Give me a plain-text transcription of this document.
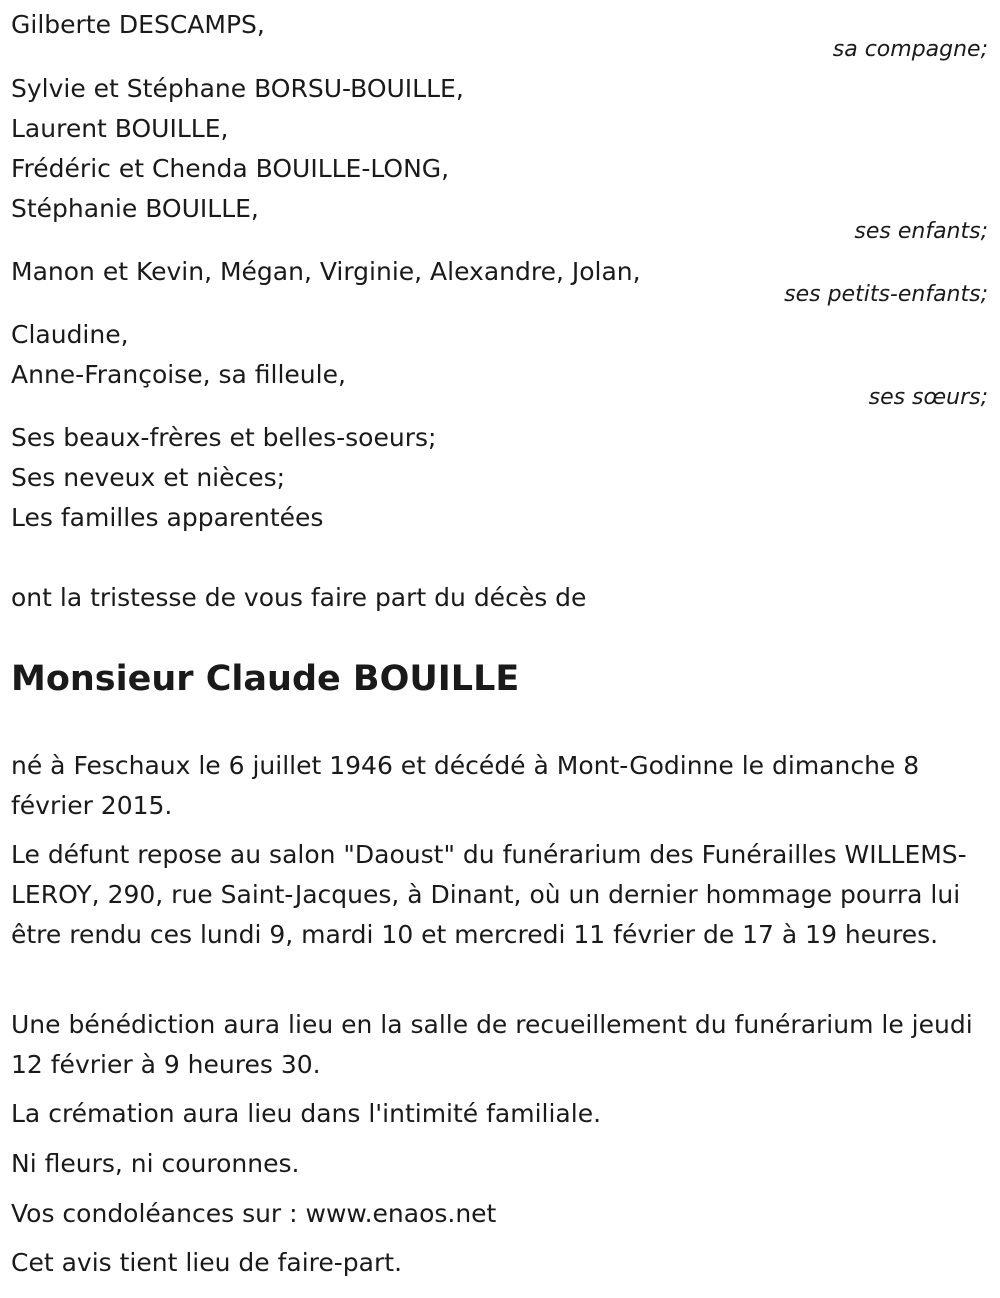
Gilberte DESCAMPS,
sa compagne;
Sylvie et Stéphane BORSU-BOUILLE,
Laurent BOUILLE,
Frédéric et Chenda BOUILLE-LONG,
Stéphanie BOUILLE,
ses enfants;
Manon et Kevin, Mégan, Virginie, Alexandre, Jolan,
ses petits-enfants;
Claudine,
Anne-Françoise, sa filleule,
ses sœurs;
Ses beaux-frères et belles-soeurs;
Ses neveux et nièces;
Les familles apparentées
ont la tristesse de vous faire part du décès de
Monsieur Claude BOUILLE

né à Feschaux le 6 juillet 1946 et décédé à Mont-Godinne le dimanche 8 février 2015.

Le défunt repose au salon "Daoust" du funérarium des Funérailles WILLEMS-LEROY, 290, rue Saint-Jacques, à Dinant, où un dernier hommage pourra lui être rendu ces lundi 9, mardi 10 et mercredi 11 février de 17 à 19 heures.

Une bénédiction aura lieu en la salle de recueillement du funérarium le jeudi 12 février à 9 heures 30.

La crémation aura lieu dans l'intimité familiale.

Ni fleurs, ni couronnes.

Vos condoléances sur : www.enaos.net

Cet avis tient lieu de faire-part.
